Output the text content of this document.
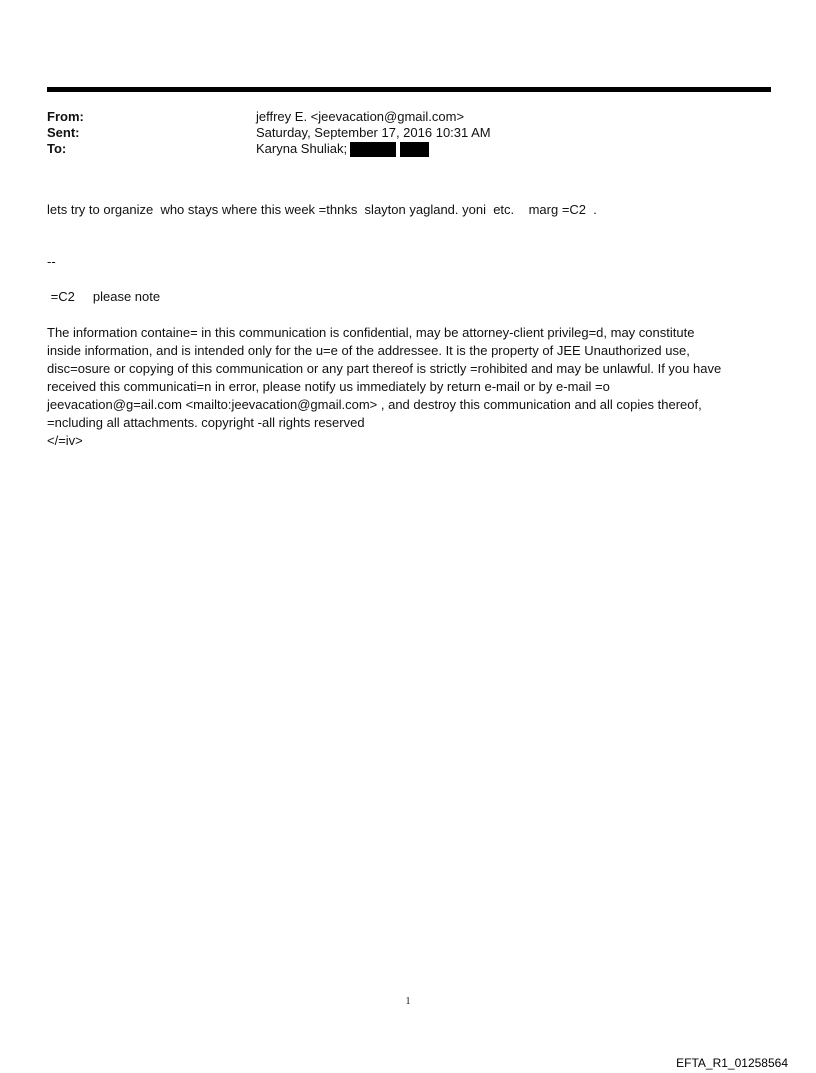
From:	jeffrey E. <jeevacation@gmail.com>
Sent:	Saturday, September 17, 2016 10:31 AM
To:	Karyna Shuliak;
lets try to organize  who stays where this week =thnks  slayton yagland. yoni  etc.    marg =C2  .
--
=C2     please note
The information containe= in this communication is confidential, may be attorney-client privileg=d, may constitute
inside information, and is intended only for the u=e of the addressee. It is the property of JEE Unauthorized use,
disc=osure or copying of this communication or any part thereof is strictly =rohibited and may be unlawful. If you have
received this communicati=n in error, please notify us immediately by return e-mail or by e-mail =o
jeevacation@g=ail.com <mailto:jeevacation@gmail.com> , and destroy this communication and all copies thereof,
=ncluding all attachments. copyright -all rights reserved
</=iv>
1
EFTA_R1_01258564
